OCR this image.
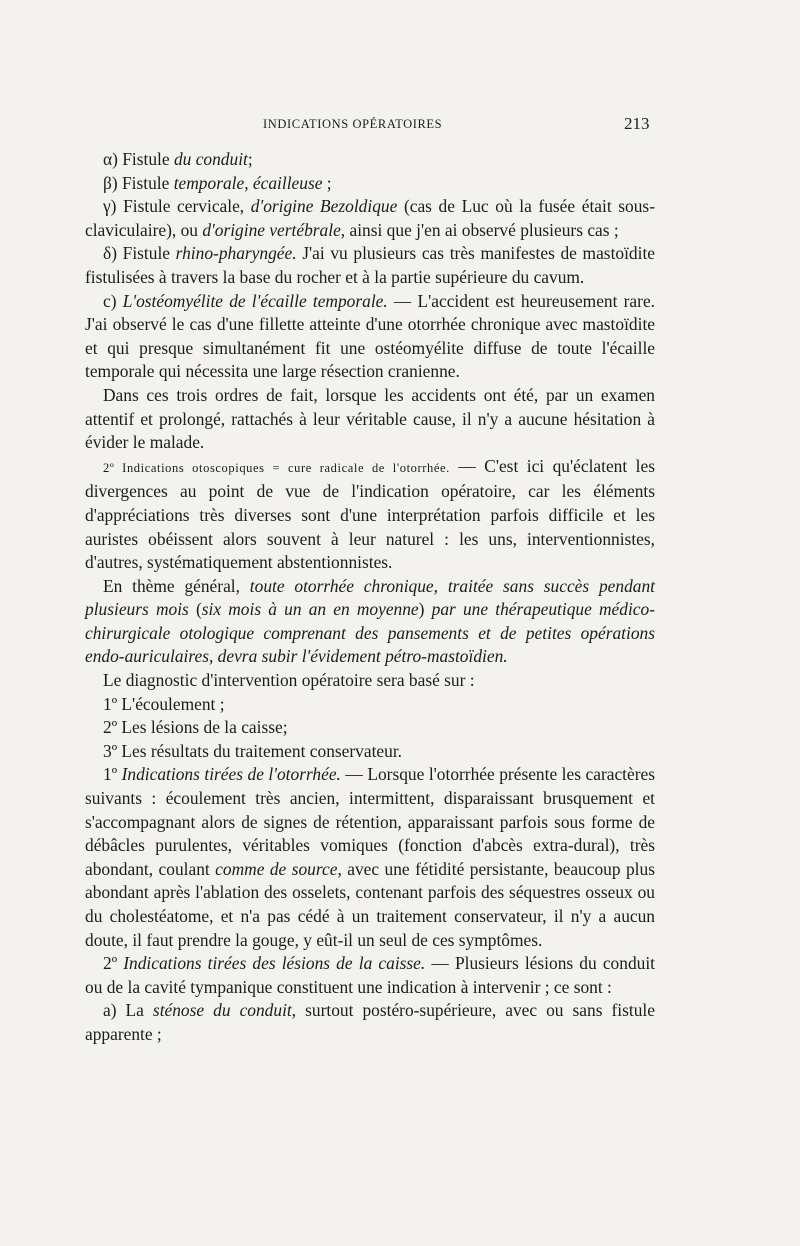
INDICATIONS OPÉRATOIRES	213

α) Fistule du conduit;

β) Fistule temporale, écailleuse ;

γ) Fistule cervicale, d'origine Bezoldique (cas de Luc où la fusée était sous-claviculaire), ou d'origine vertébrale, ainsi que j'en ai observé plusieurs cas ;

δ) Fistule rhino-pharyngée. J'ai vu plusieurs cas très manifestes de mastoïdite fistulisées à travers la base du rocher et à la partie supérieure du cavum.

c) L'ostéomyélite de l'écaille temporale. — L'accident est heureusement rare. J'ai observé le cas d'une fillette atteinte d'une otorrhée chronique avec mastoïdite et qui presque simultanément fit une ostéomyélite diffuse de toute l'écaille temporale qui nécessita une large résection cranienne.

Dans ces trois ordres de fait, lorsque les accidents ont été, par un examen attentif et prolongé, rattachés à leur véritable cause, il n'y a aucune hésitation à évider le malade.

2º Indications otoscopiques = cure radicale de l'otorrhée. — C'est ici qu'éclatent les divergences au point de vue de l'indication opératoire, car les éléments d'appréciations très diverses sont d'une interprétation parfois difficile et les auristes obéissent alors souvent à leur naturel : les uns, interventionnistes, d'autres, systématiquement abstentionnistes.

En thème général, toute otorrhée chronique, traitée sans succès pendant plusieurs mois (six mois à un an en moyenne) par une thérapeutique médico-chirurgicale otologique comprenant des pansements et de petites opérations endo-auriculaires, devra subir l'évidement pétro-mastoïdien.

Le diagnostic d'intervention opératoire sera basé sur :

1º L'écoulement ;

2º Les lésions de la caisse;

3º Les résultats du traitement conservateur.

1º Indications tirées de l'otorrhée. — Lorsque l'otorrhée présente les caractères suivants : écoulement très ancien, intermittent, disparaissant brusquement et s'accompagnant alors de signes de rétention, apparaissant parfois sous forme de débâcles purulentes, véritables vomiques (fonction d'abcès extra-dural), très abondant, coulant comme de source, avec une fétidité persistante, beaucoup plus abondant après l'ablation des osselets, contenant parfois des séquestres osseux ou du cholestéatome, et n'a pas cédé à un traitement conservateur, il n'y a aucun doute, il faut prendre la gouge, y eût-il un seul de ces symptômes.

2º Indications tirées des lésions de la caisse. — Plusieurs lésions du conduit ou de la cavité tympanique constituent une indication à intervenir ; ce sont :

a) La sténose du conduit, surtout postéro-supérieure, avec ou sans fistule apparente ;
